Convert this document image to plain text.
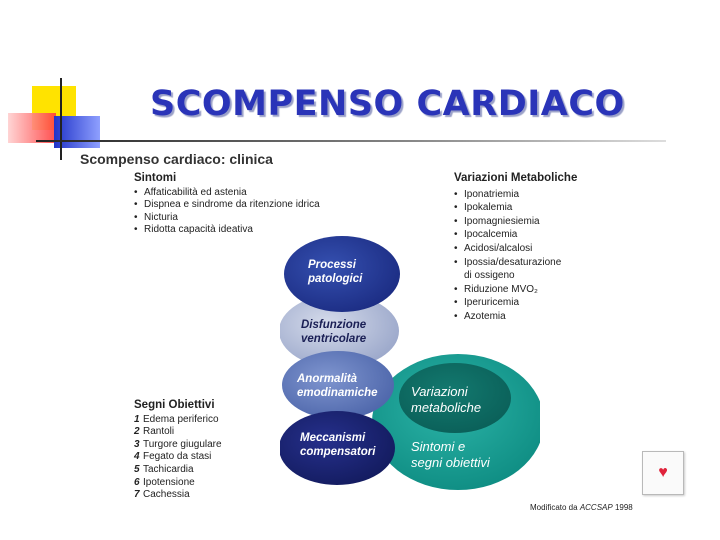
SCOMPENSO CARDIACO
Scompenso cardiaco: clinica
Sintomi
• Affaticabilità ed astenia
• Dispnea e sindrome da ritenzione idrica
• Nicturia
• Ridotta capacità ideativa
Variazioni Metaboliche
• Iponatriemia
• Ipokalemia
• Ipomagniesiemia
• Ipocalcemia
• Acidosi/alcalosi
• Ipossia/desaturazione
di ossigeno
• Riduzione MVO₂
• Iperuricemia
• Azotemia
Segni Obiettivi
1 Edema periferico
2 Rantoli
3 Turgore giugulare
4 Fegato da stasi
5 Tachicardia
6 Ipotensione
7 Cachessia
Processi
patologici
Disfunzione
ventricolare
Anormalità
emodinamiche
Meccanismi
compensatori
Variazioni
metaboliche
Sintomi e
segni obiettivi
Modificato da ACCSAP 1998
♥
